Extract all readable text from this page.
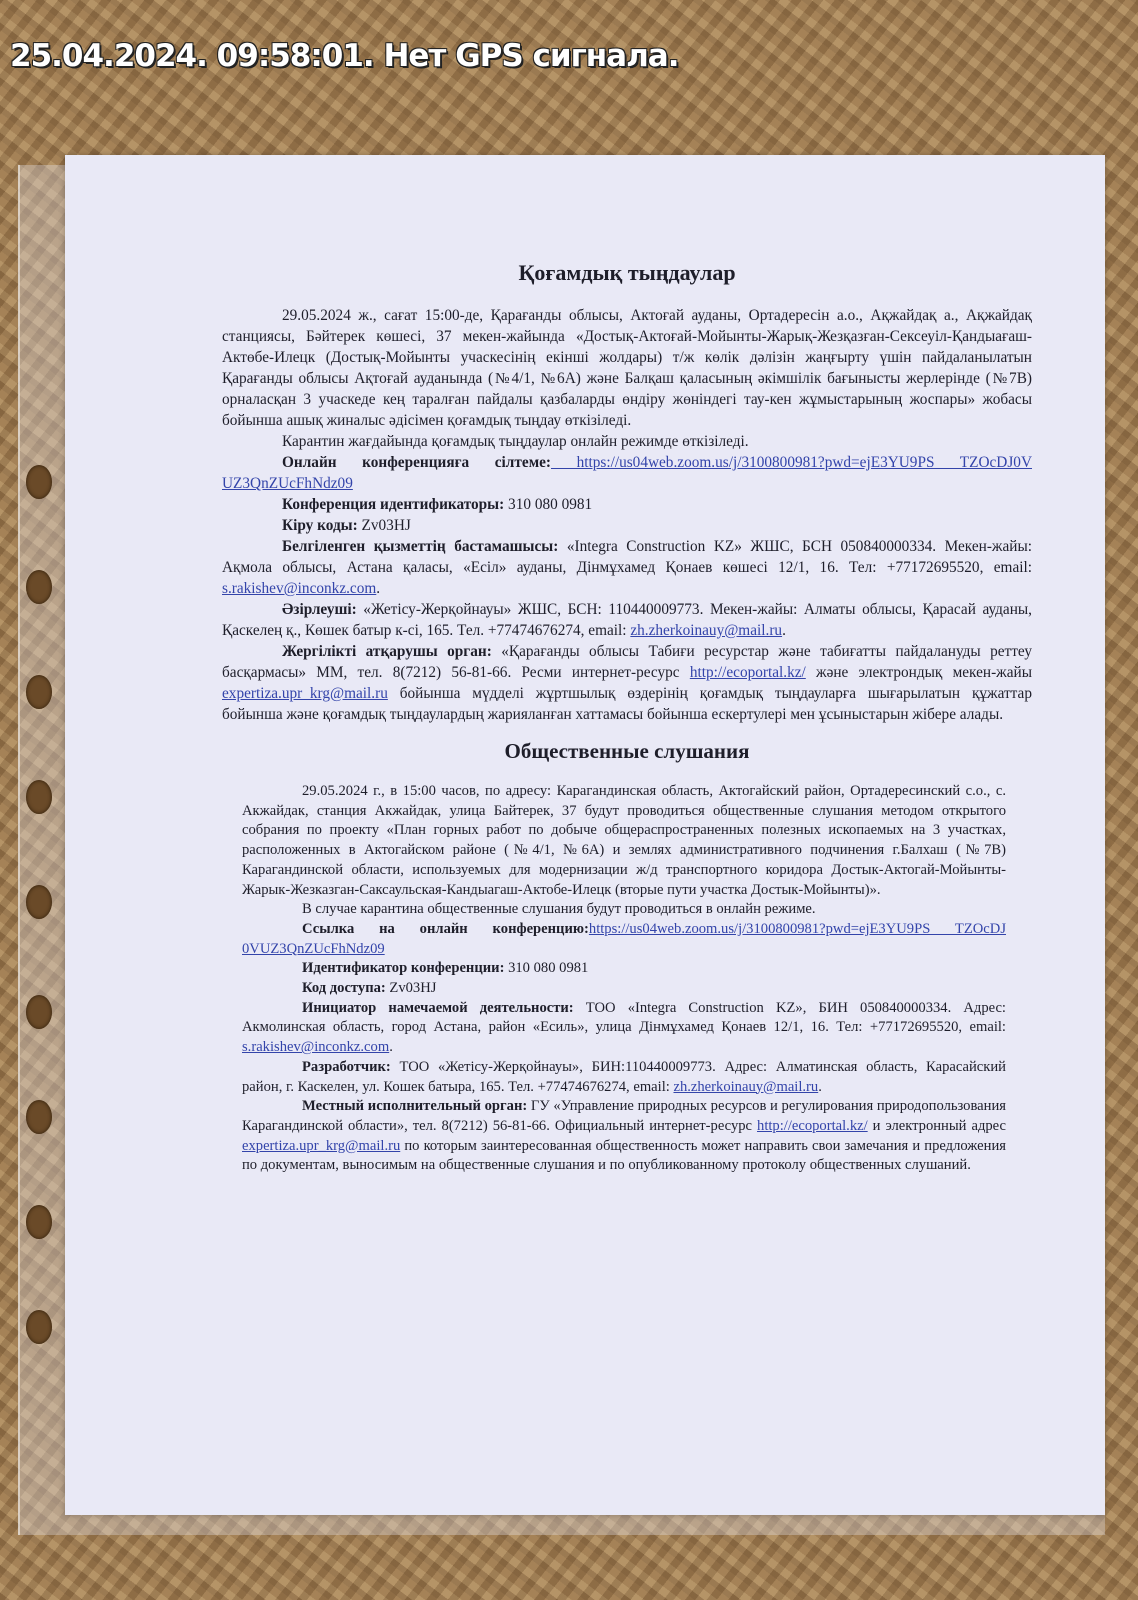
25.04.2024. 09:58:01. Нет GPS сигнала.
Қоғамдық тыңдаулар

29.05.2024 ж., сағат 15:00-де, Қарағанды облысы, Актоғай ауданы, Ортадересін а.о., Ақжайдақ а., Ақжайдақ станциясы, Бәйтерек көшесі, 37 мекен-жайында «Достық-Актоғай-Мойынты-Жарық-Жезқазған-Сексеуіл-Қандыағаш-Актөбе-Илецк (Достық-Мойынты учаскесінің екінші жолдары) т/ж көлік дәлізін жаңғырту үшін пайдаланылатын Қарағанды облысы Ақтоғай ауданында (№4/1, №6А) және Балқаш қаласының әкімшілік бағынысты жерлерінде (№7В) орналасқан 3 учаскеде кең таралған пайдалы қазбаларды өндіру жөніндегі тау-кен жұмыстарының жоспары» жобасы бойынша ашық жиналыс әдісімен қоғамдық тыңдау өткізіледі.

Карантин жағдайында қоғамдық тыңдаулар онлайн режимде өткізіледі.

Онлайн конференцияға сілтеме: https://us04web.zoom.us/j/3100800981?pwd=ejE3YU9PS TZOcDJ0V UZ3QnZUcFhNdz09

Конференция идентификаторы: 310 080 0981

Кіру коды: Zv03HJ

Белгіленген қызметтің бастамашысы: «Integra Construction KZ» ЖШС, БСН 050840000334. Мекен-жайы: Ақмола облысы, Астана қаласы, «Есіл» ауданы, Дінмұхамед Қонаев көшесі 12/1, 16. Тел: +77172695520, email: s.rakishev@inconkz.com.

Әзірлеуші: «Жетісу-Жерқойнауы» ЖШС, БСН: 110440009773. Мекен-жайы: Алматы облысы, Қарасай ауданы, Қаскелең қ., Көшек батыр к-сі, 165. Тел. +77474676274, email: zh.zherkoinauy@mail.ru.

Жергілікті атқарушы орган: «Қарағанды облысы Табиғи ресурстар және табиғатты пайдалануды реттеу басқармасы» ММ, тел. 8(7212) 56-81-66. Ресми интернет-ресурс http://ecoportal.kz/ және электрондық мекен-жайы expertiza.upr_krg@mail.ru бойынша мүдделі жұртшылық өздерінің қоғамдық тыңдауларға шығарылатын құжаттар бойынша және қоғамдық тыңдаулардың жарияланған хаттамасы бойынша ескертулері мен ұсыныстарын жібере алады.

Общественные слушания

29.05.2024 г., в 15:00 часов, по адресу: Карагандинская область, Актогайский район, Ортадересинский с.о., с. Акжайдак, станция Акжайдак, улица Байтерек, 37 будут проводиться общественные слушания методом открытого собрания по проекту «План горных работ по добыче общераспространенных полезных ископаемых на 3 участках, расположенных в Актогайском районе (№4/1, №6А) и землях административного подчинения г.Балхаш (№7В) Карагандинской области, используемых для модернизации ж/д транспортного коридора Достык-Актогай-Мойынты-Жарык-Жезказган-Саксаульская-Кандыагаш-Актобе-Илецк (вторые пути участка Достык-Мойынты)».

В случае карантина общественные слушания будут проводиться в онлайн режиме.

Ссылка на онлайн конференцию:https://us04web.zoom.us/j/3100800981?pwd=ejE3YU9PS TZOcDJ 0VUZ3QnZUcFhNdz09

Идентификатор конференции: 310 080 0981

Код доступа: Zv03HJ

Инициатор намечаемой деятельности: ТОО «Integra Construction KZ», БИН 050840000334. Адрес: Акмолинская область, город Астана, район «Есиль», улица Дінмұхамед Қонаев 12/1, 16. Тел: +77172695520, email: s.rakishev@inconkz.com.

Разработчик: ТОО «Жетісу-Жерқойнауы», БИН:110440009773. Адрес: Алматинская область, Карасайский район, г. Каскелен, ул. Кошек батыра, 165. Тел. +77474676274, email: zh.zherkoinauy@mail.ru.

Местный исполнительный орган: ГУ «Управление природных ресурсов и регулирования природопользования Карагандинской области», тел. 8(7212) 56-81-66. Официальный интернет-ресурс http://ecoportal.kz/ и электронный адрес expertiza.upr_krg@mail.ru по которым заинтересованная общественность может направить свои замечания и предложения по документам, выносимым на общественные слушания и по опубликованному протоколу общественных слушаний.
